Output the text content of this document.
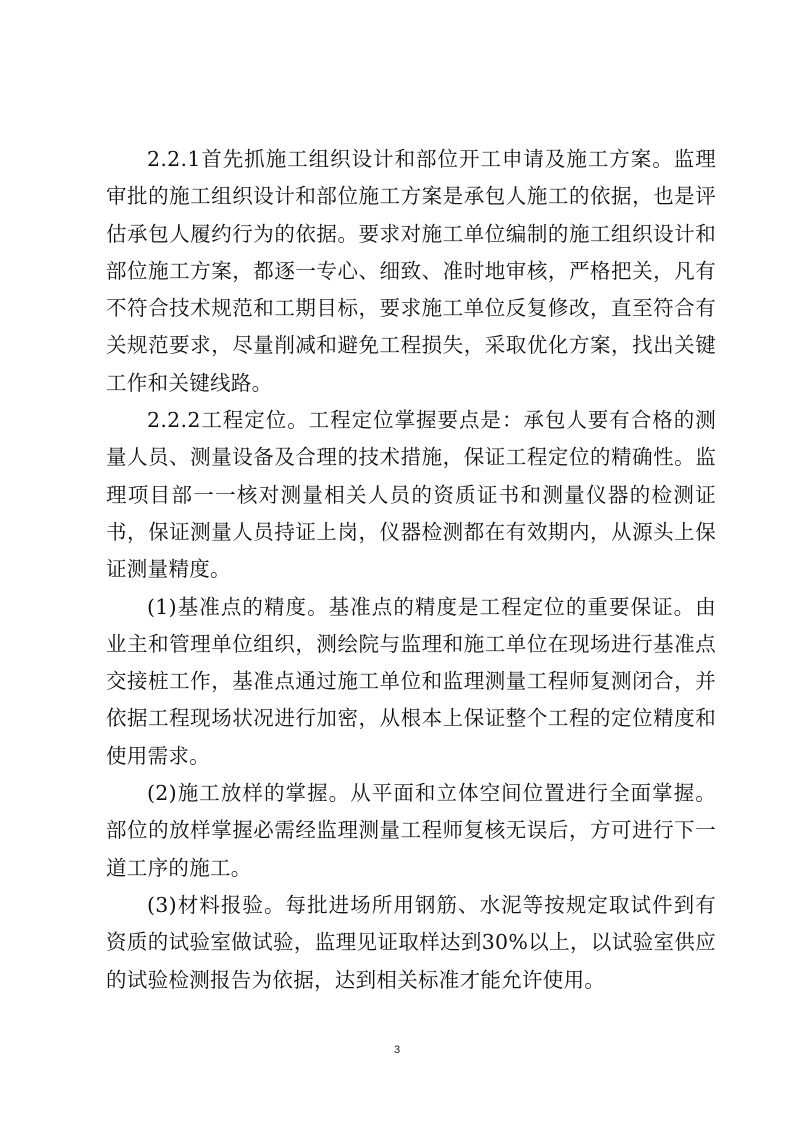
2.2.1首先抓施工组织设计和部位开工申请及施工方案。监理审批的施工组织设计和部位施工方案是承包人施工的依据，也是评估承包人履约行为的依据。要求对施工单位编制的施工组织设计和部位施工方案，都逐一专心、细致、准时地审核，严格把关，凡有不符合技术规范和工期目标，要求施工单位反复修改，直至符合有关规范要求，尽量削减和避免工程损失，采取优化方案，找出关键工作和关键线路。

2.2.2工程定位。工程定位掌握要点是：承包人要有合格的测量人员、测量设备及合理的技术措施，保证工程定位的精确性。监理项目部一一核对测量相关人员的资质证书和测量仪器的检测证书，保证测量人员持证上岗，仪器检测都在有效期内，从源头上保证测量精度。

(1)基准点的精度。基准点的精度是工程定位的重要保证。由业主和管理单位组织，测绘院与监理和施工单位在现场进行基准点交接桩工作，基准点通过施工单位和监理测量工程师复测闭合，并依据工程现场状况进行加密，从根本上保证整个工程的定位精度和使用需求。

(2)施工放样的掌握。从平面和立体空间位置进行全面掌握。部位的放样掌握必需经监理测量工程师复核无误后，方可进行下一道工序的施工。

(3)材料报验。每批进场所用钢筋、水泥等按规定取试件到有资质的试验室做试验，监理见证取样达到30%以上，以试验室供应的试验检测报告为依据，达到相关标准才能允许使用。

3
